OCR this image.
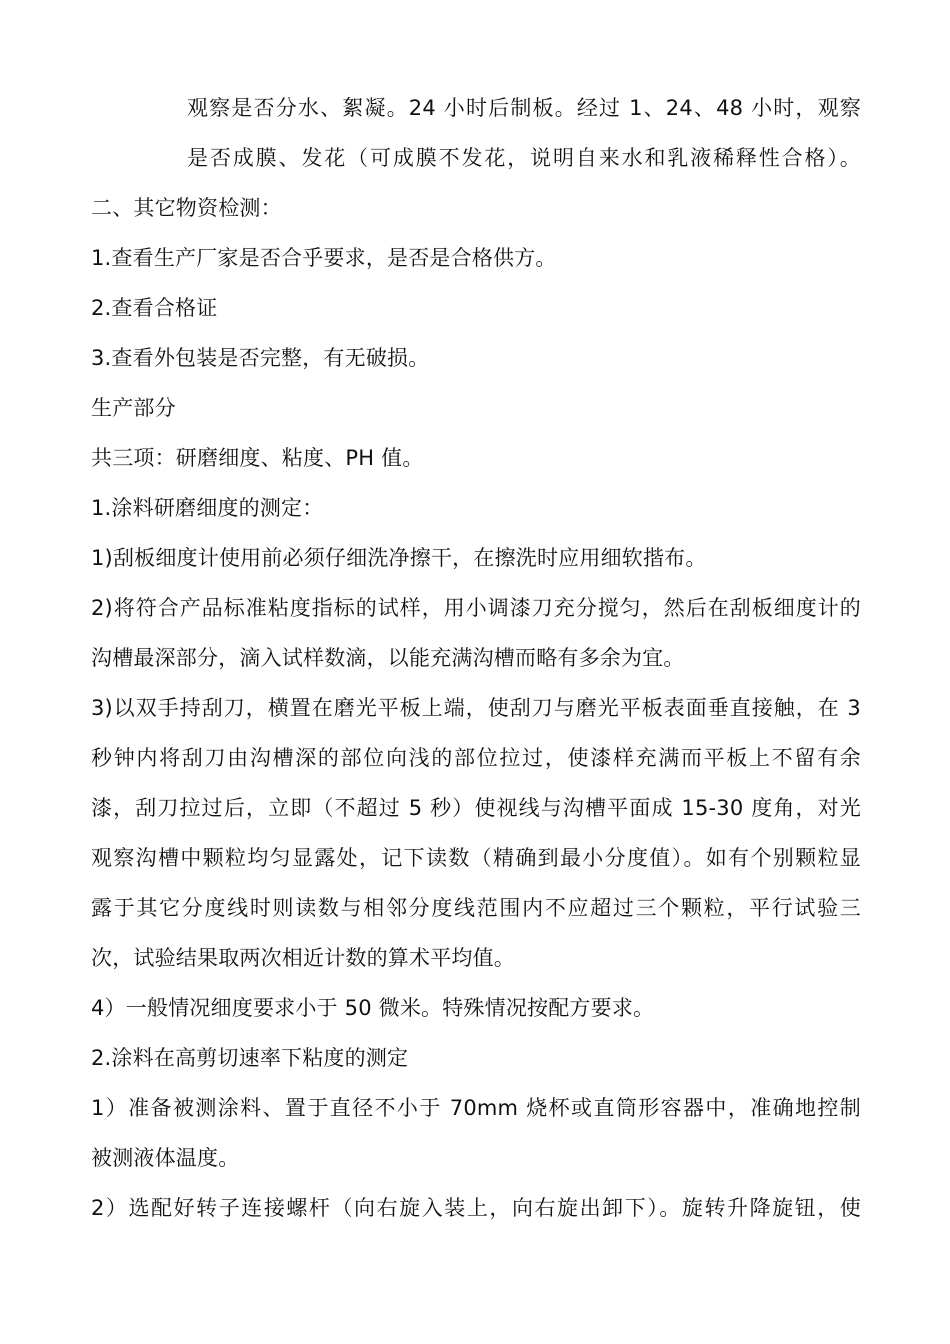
观察是否分水、絮凝。24 小时后制板。经过 1、24、48 小时，观察
是否成膜、发花（可成膜不发花，说明自来水和乳液稀释性合格）。
二、其它物资检测：
1.查看生产厂家是否合乎要求，是否是合格供方。
2.查看合格证
3.查看外包装是否完整，有无破损。
生产部分
共三项：研磨细度、粘度、PH 值。
1.涂料研磨细度的测定：
1)刮板细度计使用前必须仔细洗净擦干，在擦洗时应用细软揩布。
2)将符合产品标准粘度指标的试样，用小调漆刀充分搅匀，然后在刮板细度计的
沟槽最深部分，滴入试样数滴，以能充满沟槽而略有多余为宜。
3)以双手持刮刀，横置在磨光平板上端，使刮刀与磨光平板表面垂直接触，在 3
秒钟内将刮刀由沟槽深的部位向浅的部位拉过，使漆样充满而平板上不留有余
漆，刮刀拉过后，立即（不超过 5 秒）使视线与沟槽平面成 15-30 度角，对光
观察沟槽中颗粒均匀显露处，记下读数（精确到最小分度值）。如有个别颗粒显
露于其它分度线时则读数与相邻分度线范围内不应超过三个颗粒，平行试验三
次，试验结果取两次相近计数的算术平均值。
4）一般情况细度要求小于 50 微米。特殊情况按配方要求。
2.涂料在高剪切速率下粘度的测定
1）准备被测涂料、置于直径不小于 70mm 烧杯或直筒形容器中，准确地控制
被测液体温度。
2）选配好转子连接螺杆（向右旋入装上，向右旋出卸下）。旋转升降旋钮，使
